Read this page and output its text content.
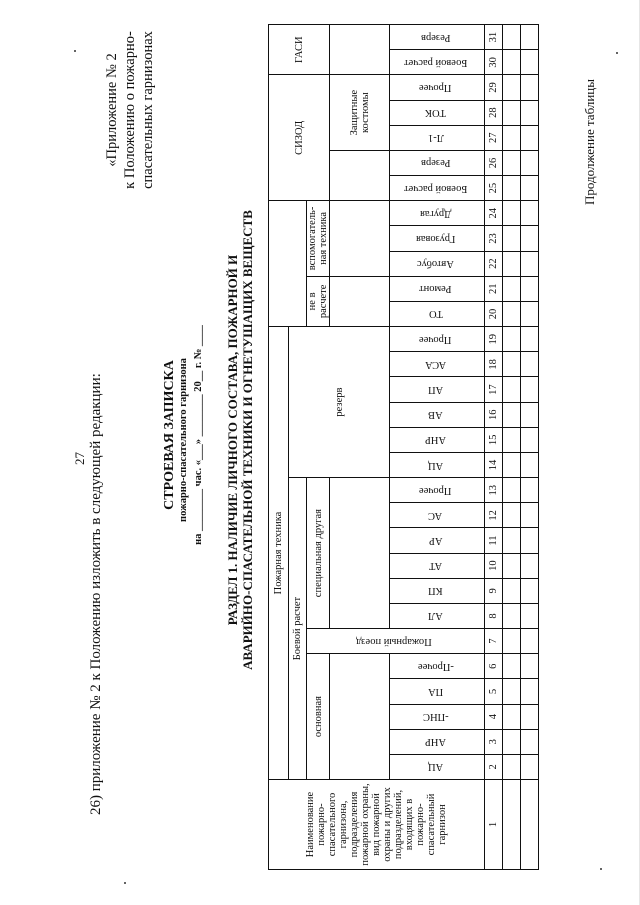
27 26) приложение № 2 к Положению изложить в следующей редакции:
«Приложение № 2 к Положению о пожарно- спасательных гарнизонах
СТРОЕВАЯ ЗАПИСКА пожарно-спасательного гарнизона на ________ час. «___» ________ 20__ г. № ____ РАЗДЕЛ 1. НАЛИЧИЕ ЛИЧНОГО СОСТАВА, ПОЖАРНОЙ И АВАРИЙНО-СПАСАТЕЛЬНОЙ ТЕХНИКИ И ОГНЕТУШАЩИХ ВЕЩЕСТВ
Наименование пожарно-спасательного гарнизона, подразделения пожарной охраны, вид пожарной охраны и других подразделений, входящих в пожарно-спасательный гарнизон	Пожарная техника																							СИЗОД					ГАСИ	
	Боевой расчет												резерв																	
	основная					Пожарный поезд	специальная другая												не в расчете		вспомогатель-ная техника									
																										Защитные костюмы				
	АЦ	АНР	-ПНС	ПА	-Прочее		АЛ	КП	АТ	АР	АС	Прочее	АЦ	АНР	АВ	АП	АСА	Прочее	ТО	Ремонт	Автобус	Грузовая	Другая	Боевой расчет	Резерв	Л-1	ТОК	Прочее	Боевой расчет	Резерв
1	2	3	4	5	6	7	8	9	10	11	12	13	14	15	16	17	18	19	20	21	22	23	24	25	26	27	28	29	30	31

Продолжение таблицы
